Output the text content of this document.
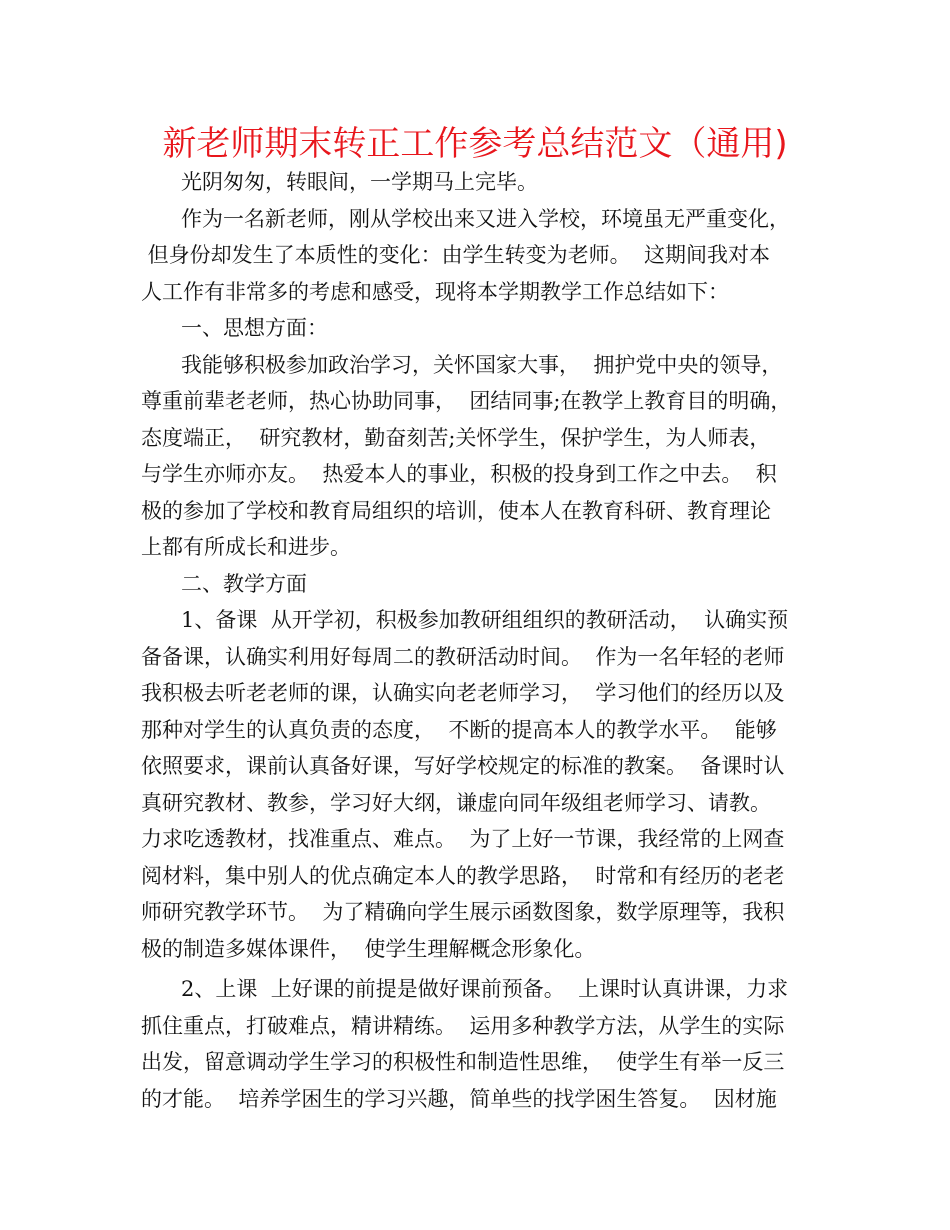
新老师期末转正工作参考总结范文（通用)
光阴匆匆，转眼间，一学期马上完毕。
作为一名新老师，刚从学校出来又进入学校，环境虽无严重变化，
但身份却发生了本质性的变化：由学生转变为老师。  这期间我对本
人工作有非常多的考虑和感受，现将本学期教学工作总结如下：
一、思想方面：
我能够积极参加政治学习，关怀国家大事，  拥护党中央的领导，
尊重前辈老老师，热心协助同事，  团结同事;在教学上教育目的明确，
态度端正，  研究教材，勤奋刻苦;关怀学生，保护学生，为人师表，
与学生亦师亦友。  热爱本人的事业，积极的投身到工作之中去。  积
极的参加了学校和教育局组织的培训，使本人在教育科研、教育理论
上都有所成长和进步。
二、教学方面
1、备课  从开学初，积极参加教研组组织的教研活动，  认确实预
备备课，认确实利用好每周二的教研活动时间。  作为一名年轻的老师
我积极去听老老师的课，认确实向老老师学习，  学习他们的经历以及
那种对学生的认真负责的态度，  不断的提高本人的教学水平。  能够
依照要求，课前认真备好课，写好学校规定的标准的教案。  备课时认
真研究教材、教参，学习好大纲，谦虚向同年级组老师学习、请教。
力求吃透教材，找准重点、难点。  为了上好一节课，我经常的上网查
阅材料，集中别人的优点确定本人的教学思路，  时常和有经历的老老
师研究教学环节。  为了精确向学生展示函数图象，数学原理等，我积
极的制造多媒体课件，  使学生理解概念形象化。
2、上课  上好课的前提是做好课前预备。  上课时认真讲课，力求
抓住重点，打破难点，精讲精练。  运用多种教学方法，从学生的实际
出发，留意调动学生学习的积极性和制造性思维，  使学生有举一反三
的才能。  培养学困生的学习兴趣，简单些的找学困生答复。  因材施
